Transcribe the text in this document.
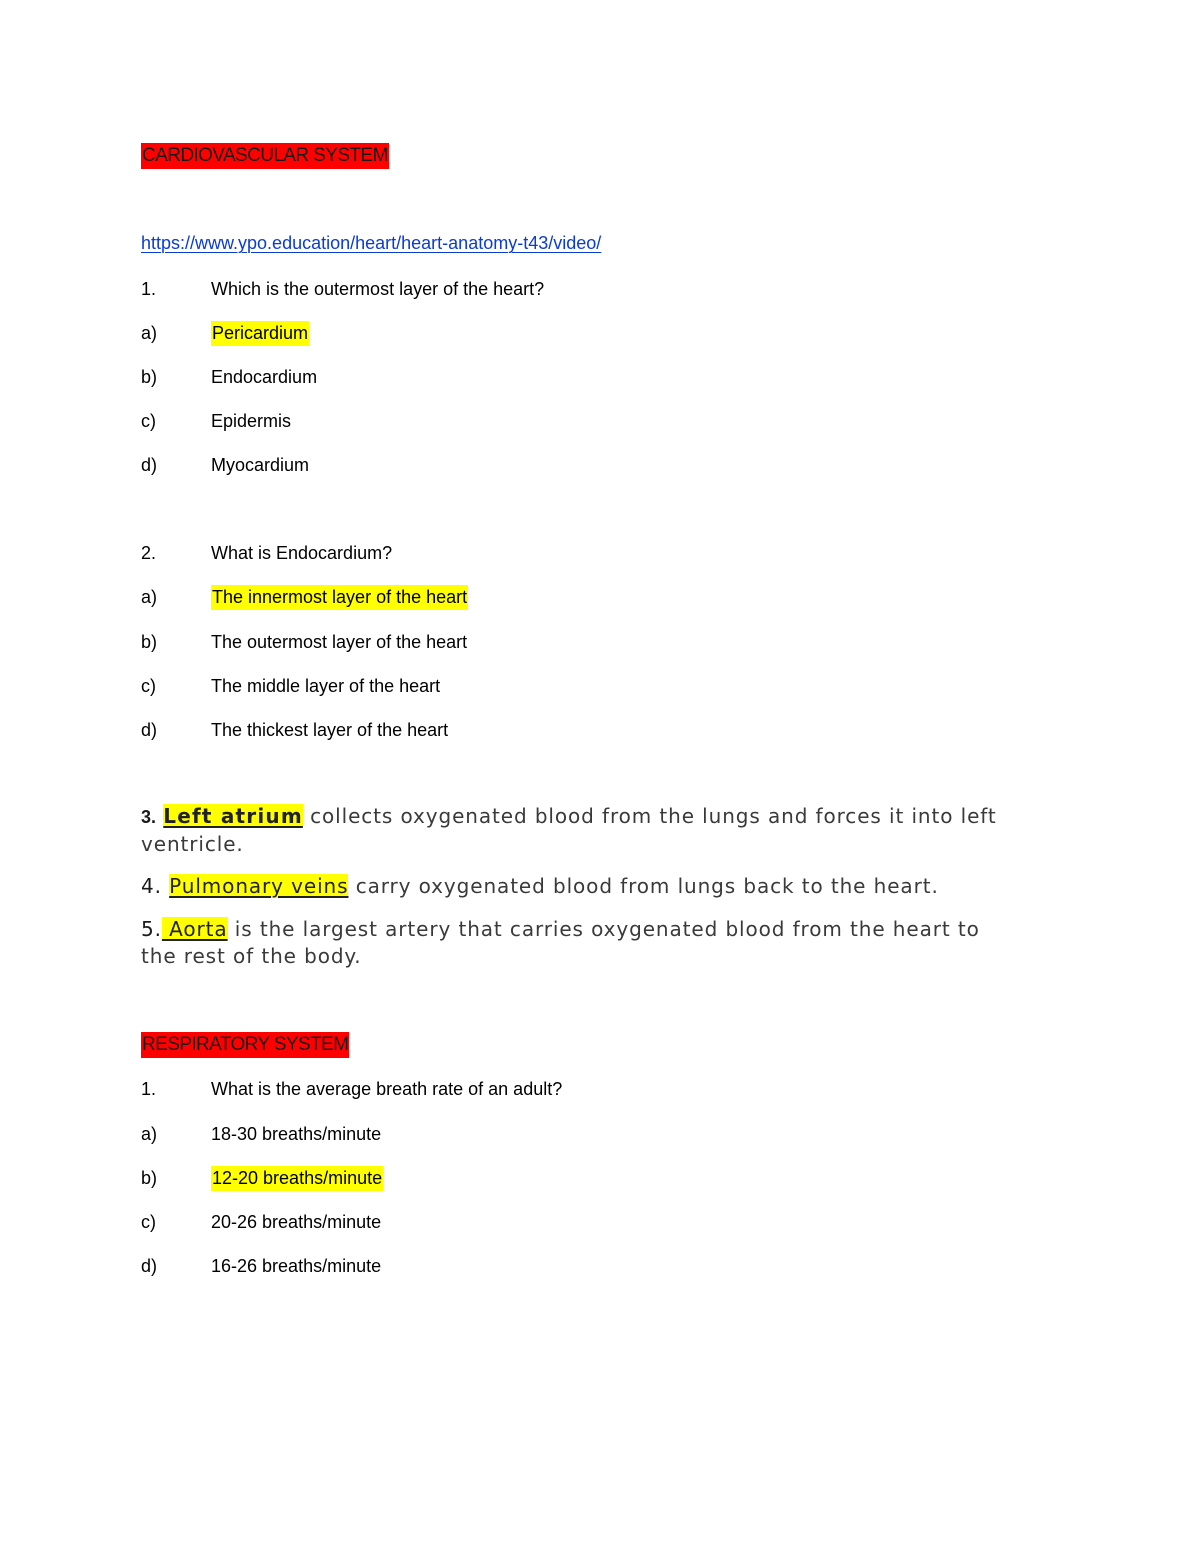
CARDIOVASCULAR SYSTEM
https://www.ypo.education/heart/heart-anatomy-t43/video/
1.	Which is the outermost layer of the heart?
a)	Pericardium
b)	Endocardium
c)	Epidermis
d)	Myocardium
2.	What is Endocardium?
a)	The innermost layer of the heart
b)	The outermost layer of the heart
c)	The middle layer of the heart
d)	The thickest layer of the heart
3. Left atrium collects oxygenated blood from the lungs and forces it into left ventricle.
4. Pulmonary veins carry oxygenated blood from lungs back to the heart.
5. Aorta is the largest artery that carries oxygenated blood from the heart to the rest of the body.
RESPIRATORY SYSTEM
1.	What is the average breath rate of an adult?
a)	18-30 breaths/minute
b)	12-20 breaths/minute
c)	20-26 breaths/minute
d)	16-26 breaths/minute
